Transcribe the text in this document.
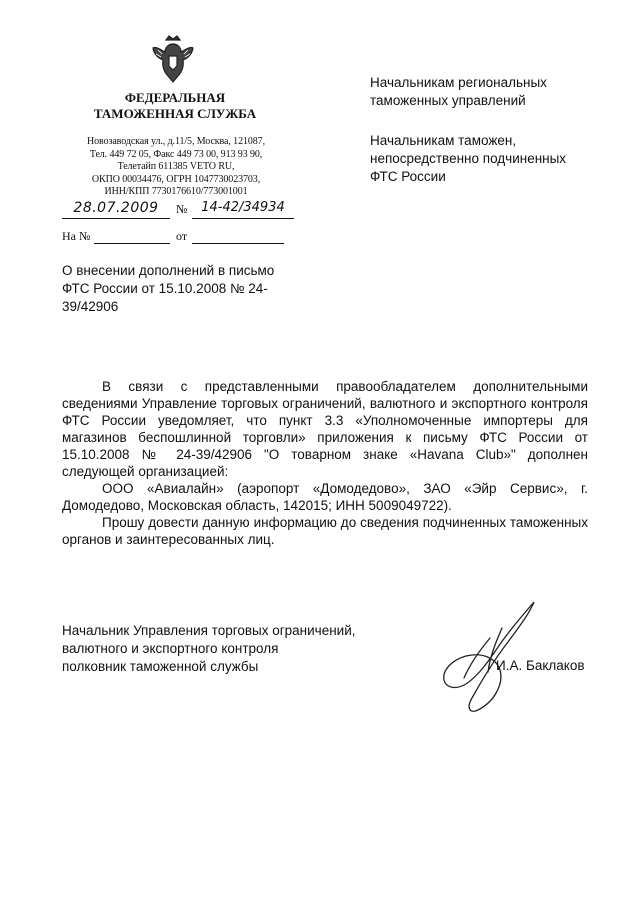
ФЕДЕРАЛЬНАЯ
ТАМОЖЕННАЯ СЛУЖБА
Новозаводская ул., д.11/5, Москва, 121087,
Тел. 449 72 05, Факс 449 73 00, 913 93 90,
Телетайп 611385 VETO RU,
ОКПО 00034476, ОГРН 1047730023703,
ИНН/КПП 7730176610/773001001
28.07.2009	№	14-42/34934
На №	от
Начальникам региональных
таможенных управлений
Начальникам таможен,
непосредственно подчиненных
ФТС России
О внесении дополнений в письмо
ФТС России от 15.10.2008 № 24-
39/42906

В связи с представленными правообладателем дополнительными сведениями Управление торговых ограничений, валютного и экспортного контроля ФТС России уведомляет, что пункт 3.3 «Уполномоченные импортеры для магазинов беспошлинной торговли» приложения к письму ФТС России от 15.10.2008 № 24-39/42906 "О товарном знаке «Havana Club»" дополнен следующей организацией:

ООО «Авиалайн» (аэропорт «Домодедово», ЗАО «Эйр Сервис», г. Домодедово, Московская область, 142015; ИНН 5009049722).

Прошу довести данную информацию до сведения подчиненных таможенных органов и заинтересованных лиц.

Начальник Управления торговых ограничений,
валютного и экспортного контроля
полковник таможенной службы	И.А. Баклаков
